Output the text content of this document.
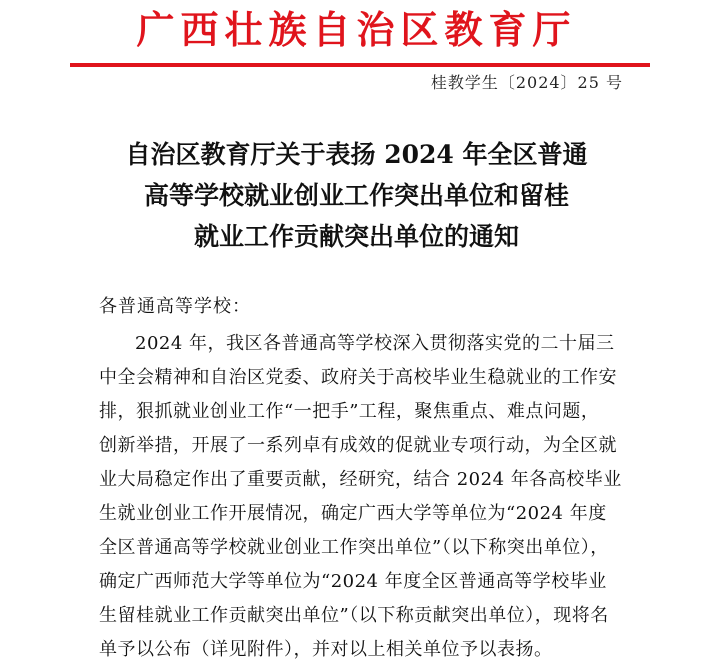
广西壮族自治区教育厅
桂教学生〔2024〕25 号
自治区教育厅关于表扬 2024 年全区普通
高等学校就业创业工作突出单位和留桂
就业工作贡献突出单位的通知
各普通高等学校：
2024 年，我区各普通高等学校深入贯彻落实党的二十届三
中全会精神和自治区党委、政府关于高校毕业生稳就业的工作安
排，狠抓就业创业工作“一把手”工程，聚焦重点、难点问题，
创新举措，开展了一系列卓有成效的促就业专项行动，为全区就
业大局稳定作出了重要贡献，经研究，结合 2024 年各高校毕业
生就业创业工作开展情况，确定广西大学等单位为“2024 年度
全区普通高等学校就业创业工作突出单位”（以下称突出单位），
确定广西师范大学等单位为“2024 年度全区普通高等学校毕业
生留桂就业工作贡献突出单位”（以下称贡献突出单位），现将名
单予以公布（详见附件），并对以上相关单位予以表扬。
